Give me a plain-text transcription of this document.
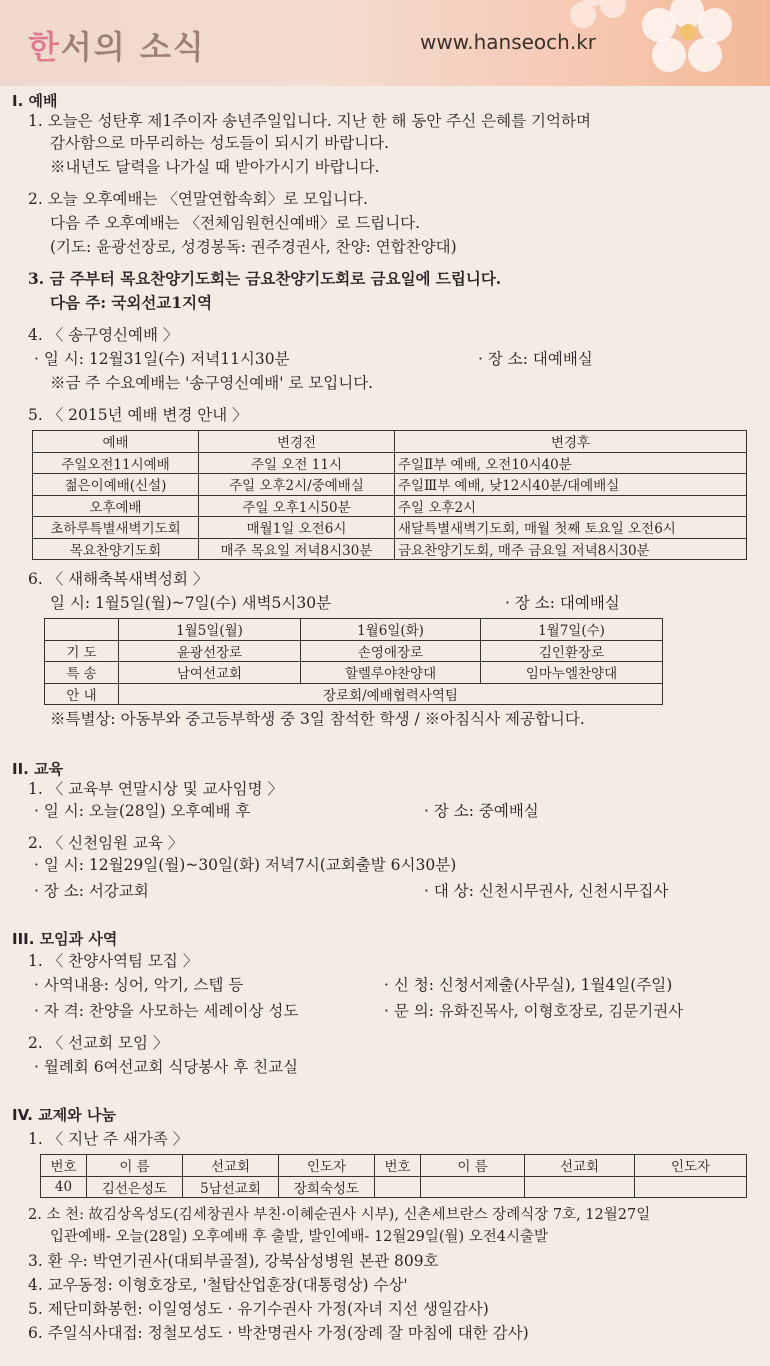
한서의 소식	www.hanseoch.kr
I. 예배
1. 오늘은 성탄후 제1주이자 송년주일입니다. 지난 한 해 동안 주신 은혜를 기억하며
감사함으로 마무리하는 성도들이 되시기 바랍니다.
※내년도 달력을 나가실 때 받아가시기 바랍니다.
2. 오늘 오후예배는 〈연말연합속회〉로 모입니다.
다음 주 오후예배는 〈전체임원헌신예배〉로 드립니다.
(기도: 윤광선장로, 성경봉독: 권주경권사, 찬양: 연합찬양대)
3. 금 주부터 목요찬양기도회는 금요찬양기도회로 금요일에 드립니다.
다음 주: 국외선교1지역
4. 〈 송구영신예배 〉
· 일 시: 12월31일(수) 저녁11시30분	· 장 소: 대예배실
※금 주 수요예배는 '송구영신예배' 로 모입니다.
5. 〈 2015년 예배 변경 안내 〉
예배	변경전	변경후
주일오전11시예배	주일 오전 11시	주일Ⅱ부 예배, 오전10시40분
젊은이예배(신설)	주일 오후2시/중예배실	주일Ⅲ부 예배, 낮12시40분/대예배실
오후예배	주일 오후1시50분	주일 오후2시
초하루특별새벽기도회	매월1일 오전6시	새달특별새벽기도회, 매월 첫째 토요일 오전6시
목요찬양기도회	매주 목요일 저녁8시30분	금요찬양기도회, 매주 금요일 저녁8시30분
6. 〈 새해축복새벽성회 〉
일 시: 1월5일(월)~7일(수) 새벽5시30분	· 장 소: 대예배실
	1월5일(월)	1월6일(화)	1월7일(수)
기 도	윤광선장로	손영애장로	김인환장로
특 송	남여선교회	할렐루야찬양대	임마누엘찬양대
안 내	장로회/예배협력사역팀		
※특별상: 아동부와 중고등부학생 중 3일 참석한 학생 / ※아침식사 제공합니다.
II. 교육
1. 〈 교육부 연말시상 및 교사임명 〉
· 일 시: 오늘(28일) 오후예배 후	· 장 소: 중예배실
2. 〈 신천임원 교육 〉
· 일 시: 12월29일(월)~30일(화) 저녁7시(교회출발 6시30분)
· 장 소: 서강교회	· 대 상: 신천시무권사, 신천시무집사
III. 모임과 사역
1. 〈 찬양사역팀 모집 〉
· 사역내용: 싱어, 악기, 스텝 등	· 신 청: 신청서제출(사무실), 1월4일(주일)
· 자 격: 찬양을 사모하는 세례이상 성도	· 문 의: 유화진목사, 이형호장로, 김문기권사
2. 〈 선교회 모임 〉
· 월례회 6여선교회 식당봉사 후 친교실
IV. 교제와 나눔
1. 〈 지난 주 새가족 〉
번호	이 름	선교회	인도자	번호	이 름	선교회	인도자
40	김선은성도	5남선교회	장희숙성도				
2. 소 천: 故김상옥성도(김세창권사 부친·이혜순권사 시부), 신촌세브란스 장례식장 7호, 12월27일
입관예배- 오늘(28일) 오후예배 후 출발, 발인예배- 12월29일(월) 오전4시출발
3. 환 우: 박연기권사(대퇴부골절), 강북삼성병원 본관 809호
4. 교우동정: 이형호장로, '철탑산업훈장(대통령상) 수상'
5. 제단미화봉헌: 이일영성도 · 유기수권사 가정(자녀 지선 생일감사)
6. 주일식사대접: 정철모성도 · 박찬명권사 가정(장례 잘 마침에 대한 감사)
